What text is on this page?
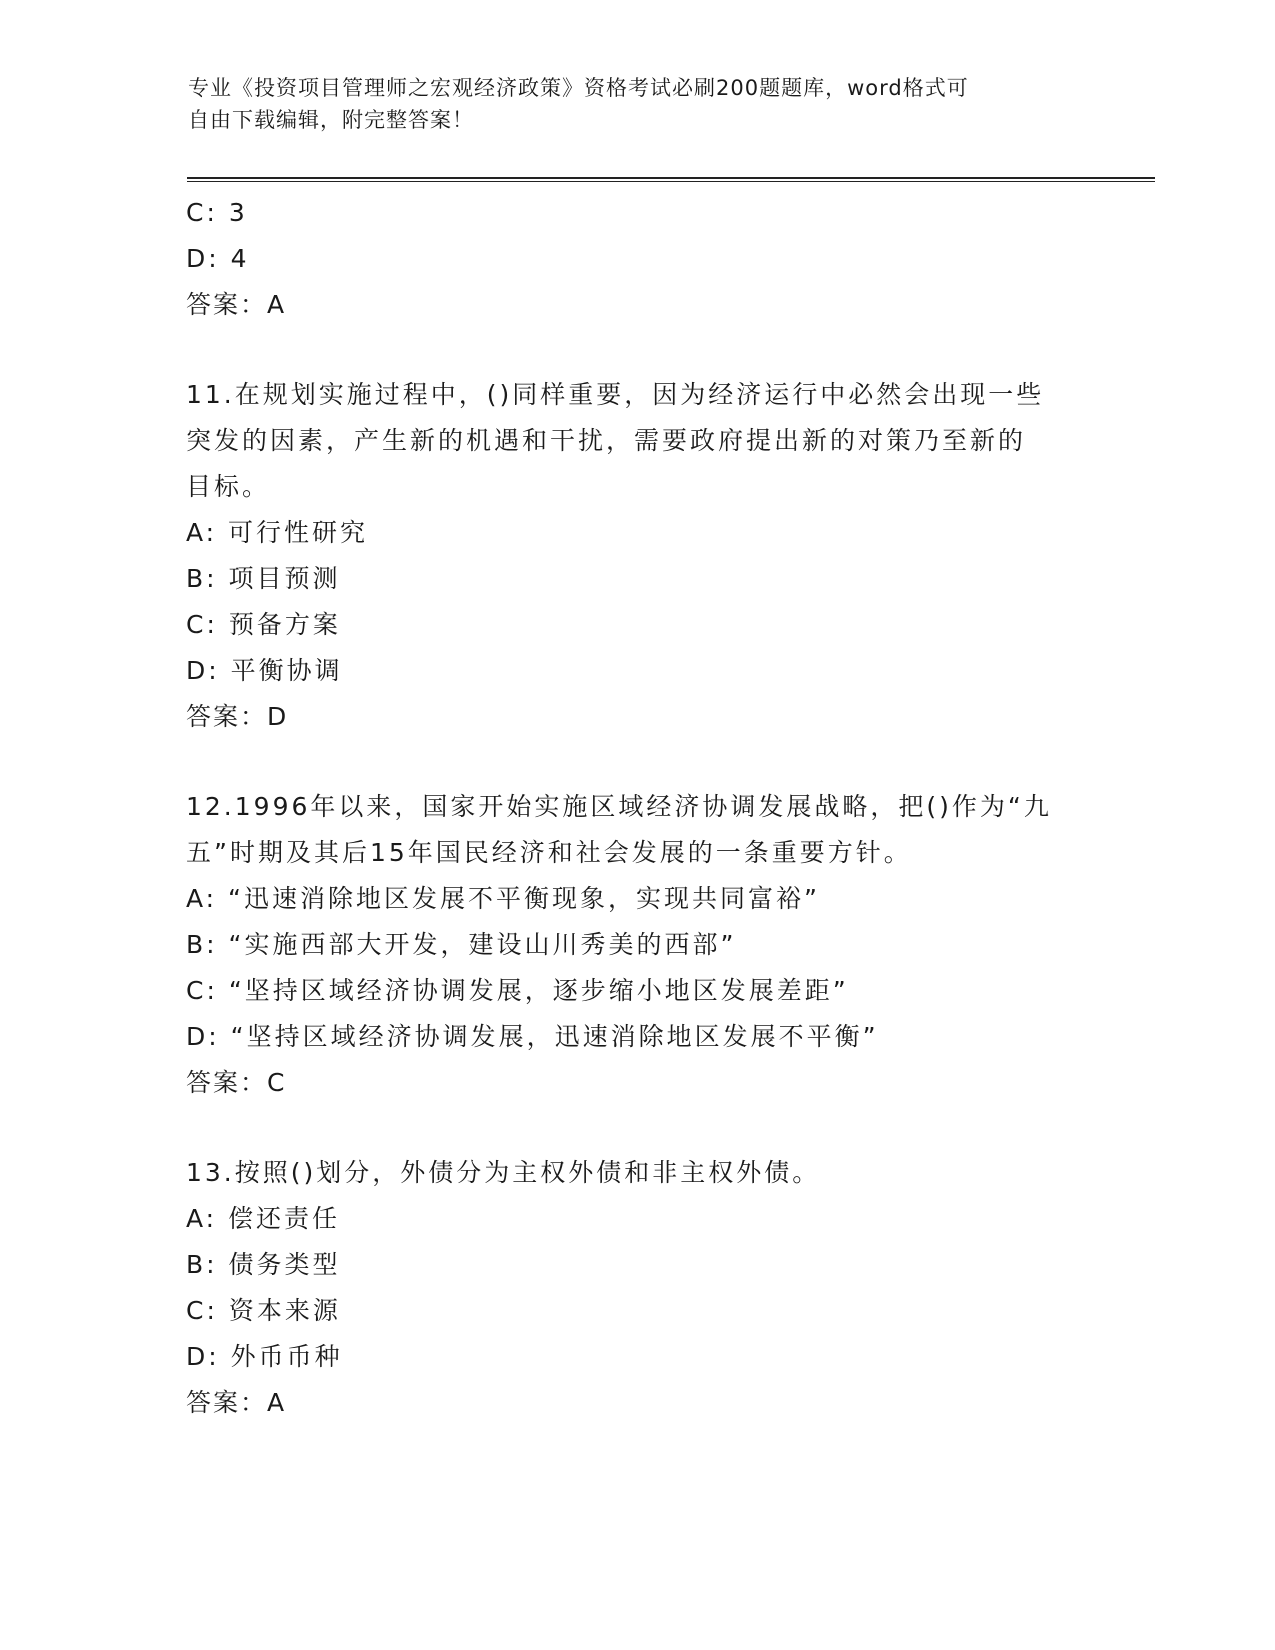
专业《投资项目管理师之宏观经济政策》资格考试必刷200题题库，word格式可
自由下载编辑，附完整答案！
C: 3
D: 4
答案：A
11.在规划实施过程中，()同样重要，因为经济运行中必然会出现一些
突发的因素，产生新的机遇和干扰，需要政府提出新的对策乃至新的
目标。
A: 可行性研究
B: 项目预测
C: 预备方案
D: 平衡协调
答案：D
12.1996年以来，国家开始实施区域经济协调发展战略，把()作为“九
五”时期及其后15年国民经济和社会发展的一条重要方针。
A: “迅速消除地区发展不平衡现象，实现共同富裕”
B: “实施西部大开发，建设山川秀美的西部”
C: “坚持区域经济协调发展，逐步缩小地区发展差距”
D: “坚持区域经济协调发展，迅速消除地区发展不平衡”
答案：C
13.按照()划分，外债分为主权外债和非主权外债。
A: 偿还责任
B: 债务类型
C: 资本来源
D: 外币币种
答案：A
